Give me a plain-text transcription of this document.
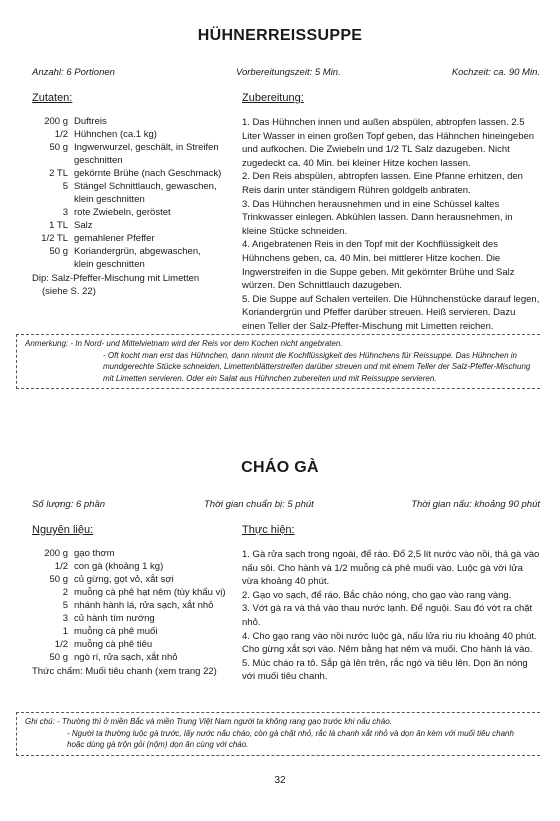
HÜHNERREISSUPPE
Anzahl: 6 Portionen	Vorbereitungszeit: 5 Min.	Kochzeit: ca. 90 Min.
Zutaten:	Zubereitung:
200 g Duftreis
1/2 Hühnchen (ca.1 kg)
50 g Ingwerwurzel, geschält, in Streifen
geschnitten
2 TL gekörnte Brühe (nach Geschmack)
5 Stängel Schnittlauch, gewaschen,
klein geschnitten
3 rote Zwiebeln, geröstet
1 TL Salz
1/2 TL gemahlener Pfeffer
50 g Koriandergrün, abgewaschen,
klein geschnitten
Dip: Salz-Pfeffer-Mischung mit Limetten
(siehe S. 22)

1. Das Hühnchen innen und außen abspülen, abtropfen lassen. 2.5 Liter Wasser in einen großen Topf geben, das Hähnchen hineingeben und aufkochen. Die Zwiebeln und 1/2 TL Salz dazugeben. Nicht zugedeckt ca. 40 Min. bei kleiner Hitze kochen lassen.

2. Den Reis abspülen, abtropfen lassen. Eine Pfanne erhitzen, den Reis darin unter ständigem Rühren goldgelb anbraten.

3. Das Hühnchen herausnehmen und in eine Schüssel kaltes Trinkwasser einlegen. Abkühlen lassen. Dann herausnehmen, in kleine Stücke schneiden.

4. Angebratenen Reis in den Topf mit der Kochflüssigkeit des Hühnchens geben, ca. 40 Min. bei mittlerer Hitze kochen. Die Ingwerstreifen in die Suppe geben. Mit gekörnter Brühe und Salz würzen. Den Schnittlauch dazugeben.

5. Die Suppe auf Schalen verteilen. Die Hühnchenstücke darauf legen, Koriandergrün und Pfeffer darüber streuen. Heiß servieren. Dazu einen Teller der Salz-Pfeffer-Mischung mit Limetten reichen.

Anmerkung: - In Nord- und Mittelvietnam wird der Reis vor dem Kochen nicht angebraten.
- Oft kocht man erst das Hühnchen, dann nimmt die Kochflüssigkeit des Hühnchens für Reissuppe. Das Hühnchen in mundgerechte Stücke schneiden, Limettenblätterstreifen darüber streuen und mit einem Teller der Salz-Pfeffer-Mischung mit Limetten servieren. Oder ein Salat aus Hühnchen zubereiten und mit Reissuppe servieren.
CHÁO GÀ
Số lượng: 6 phần	Thời gian chuẩn bị: 5 phút	Thời gian nấu: khoảng 90 phút
Nguyên liệu:	Thực hiện:
200 g gạo thơm
1/2 con gà (khoảng 1 kg)
50 g củ gừng, gọt vỏ, xắt sợi
2 muỗng cà phê hạt nêm (tùy khẩu vị)
5 nhánh hành lá, rửa sạch, xắt nhỏ
3 củ hành tím nướng
1 muỗng cà phê muối
1/2 muỗng cà phê tiêu
50 g ngò rí, rửa sạch, xắt nhỏ
Thức chấm: Muối tiêu chanh (xem trang 22)

1. Gà rửa sạch trong ngoài, để ráo. Đổ 2,5 lít nước vào nồi, thả gà vào nấu sôi. Cho hành và 1/2 muỗng cà phê muối vào. Luộc gà với lửa vừa khoảng 40 phút.

2. Gạo vo sạch, để ráo. Bắc chảo nóng, cho gạo vào rang vàng.

3. Vớt gà ra và thả vào thau nước lạnh. Để nguội. Sau đó vớt ra chặt nhỏ.

4. Cho gạo rang vào nồi nước luộc gà, nấu lửa riu riu khoảng 40 phút. Cho gừng xắt sợi vào. Nêm bằng hạt nêm và muối. Cho hành lá vào.

5. Múc cháo ra tô. Sắp gà lên trên, rắc ngò và tiêu lên. Dọn ăn nóng với muối tiêu chanh.

Ghi chú: - Thường thì ở miền Bắc và miền Trung Việt Nam người ta không rang gạo trước khi nấu cháo.
- Người ta thường luộc gà trước, lấy nước nấu cháo, còn gà chặt nhỏ, rắc lá chanh xắt nhỏ và dọn ăn kèm với muối tiêu chanh hoặc dùng gà trộn gỏi (nộm) dọn ăn cùng với cháo.
32
